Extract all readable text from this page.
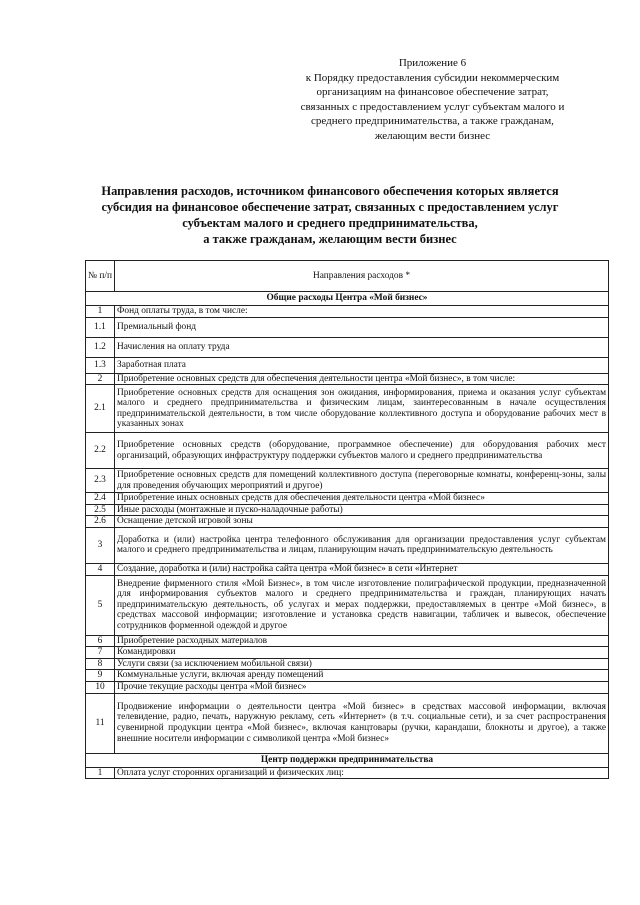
Приложение 6
к Порядку предоставления субсидии некоммерческим
организациям на финансовое обеспечение затрат,
связанных с предоставлением услуг субъектам малого и
среднего предпринимательства, а также гражданам,
желающим вести бизнес
Направления расходов, источником финансового обеспечения которых является
субсидия на финансовое обеспечение затрат, связанных с предоставлением услуг
субъектам малого и среднего предпринимательства,
а также гражданам, желающим вести бизнес
№ п/п	Направления расходов *
Общие расходы Центра «Мой бизнес»	
1	Фонд оплаты труда, в том числе:
1.1	Премиальный фонд
1.2	Начисления на оплату труда
1.3	Заработная плата
2	Приобретение основных средств для обеспечения деятельности центра «Мой бизнес», в том числе:
2.1	Приобретение основных средств для оснащения зон ожидания, информирования, приема и оказания услуг субъектам малого и среднего предпринимательства и физическим лицам, заинтересованным в начале осуществления предпринимательской деятельности, в том числе оборудование коллективного доступа и оборудование рабочих мест в указанных зонах
2.2	Приобретение основных средств (оборудование, программное обеспечение) для оборудования рабочих мест организаций, образующих инфраструктуру поддержки субъектов малого и среднего предпринимательства
2.3	Приобретение основных средств для помещений коллективного доступа (переговорные комнаты, конференц-зоны, залы для проведения обучающих мероприятий и другое)
2.4	Приобретение иных основных средств для обеспечения деятельности центра «Мой бизнес»
2.5	Иные расходы (монтажные и пуско-наладочные работы)
2.6	Оснащение детской игровой зоны
3	Доработка и (или) настройка центра телефонного обслуживания для организации предоставления услуг субъектам малого и среднего предпринимательства и лицам, планирующим начать предпринимательскую деятельность
4	Создание, доработка и (или) настройка сайта центра «Мой бизнес» в сети «Интернет
5	Внедрение фирменного стиля «Мой Бизнес», в том числе изготовление полиграфической продукции, предназначенной для информирования субъектов малого и среднего предпринимательства и граждан, планирующих начать предпринимательскую деятельность, об услугах и мерах поддержки, предоставляемых в центре «Мой бизнес», в средствах массовой информации; изготовление и установка средств навигации, табличек и вывесок, обеспечение сотрудников форменной одеждой и другое
6	Приобретение расходных материалов
7	Командировки
8	Услуги связи (за исключением мобильной связи)
9	Коммунальные услуги, включая аренду помещений
10	Прочие текущие расходы центра «Мой бизнес»
11	Продвижение информации о деятельности центра «Мой бизнес» в средствах массовой информации, включая телевидение, радио, печать, наружную рекламу, сеть «Интернет» (в т.ч. социальные сети), и за счет распространения сувенирной продукции центра «Мой бизнес», включая канцтовары (ручки, карандаши, блокноты и другое), а также внешние носители информации с символикой центра «Мой бизнес»
Центр поддержки предпринимательства	
1	Оплата услуг сторонних организаций и физических лиц:
